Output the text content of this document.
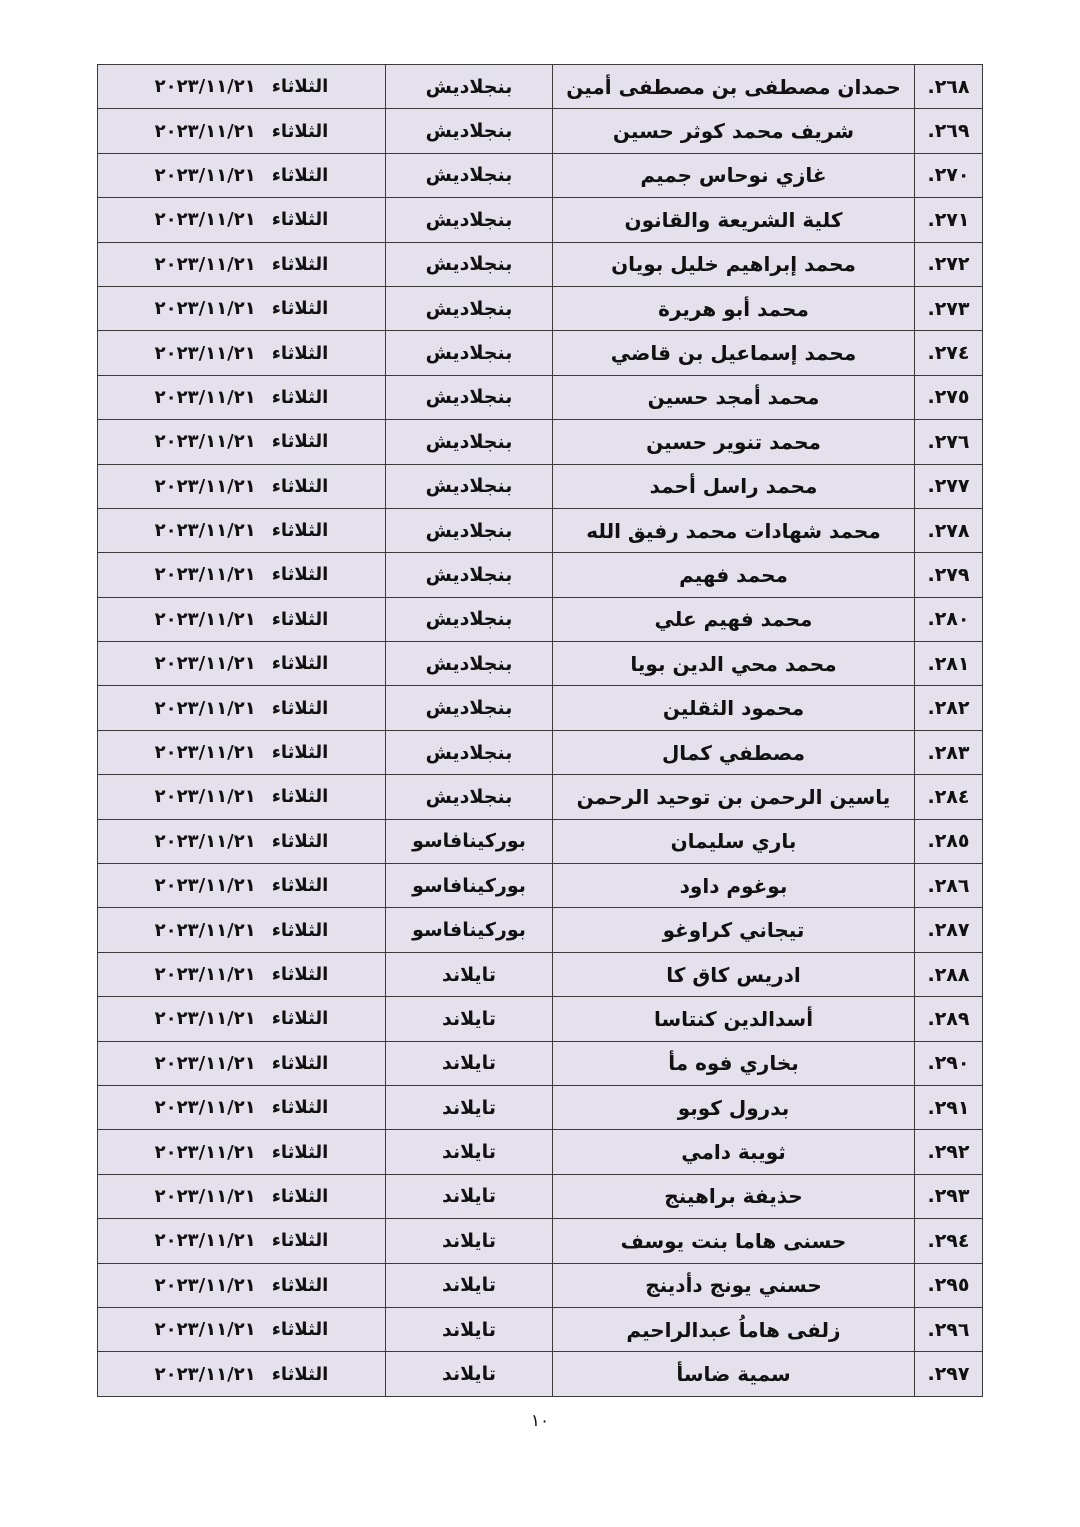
٢٦٨.	حمدان مصطفى بن مصطفى أمين	بنجلاديش	الثلاثاء٢٠٢٣/١١/٢١
٢٦٩.	شريف محمد كوثر حسين	بنجلاديش	الثلاثاء٢٠٢٣/١١/٢١
٢٧٠.	غازي نوحاس جميم	بنجلاديش	الثلاثاء٢٠٢٣/١١/٢١
٢٧١.	كلية الشريعة والقانون	بنجلاديش	الثلاثاء٢٠٢٣/١١/٢١
٢٧٢.	محمد إبراهيم خليل بويان	بنجلاديش	الثلاثاء٢٠٢٣/١١/٢١
٢٧٣.	محمد أبو هريرة	بنجلاديش	الثلاثاء٢٠٢٣/١١/٢١
٢٧٤.	محمد إسماعيل بن قاضي	بنجلاديش	الثلاثاء٢٠٢٣/١١/٢١
٢٧٥.	محمد أمجد حسين	بنجلاديش	الثلاثاء٢٠٢٣/١١/٢١
٢٧٦.	محمد تنوير حسين	بنجلاديش	الثلاثاء٢٠٢٣/١١/٢١
٢٧٧.	محمد راسل أحمد	بنجلاديش	الثلاثاء٢٠٢٣/١١/٢١
٢٧٨.	محمد شهادات محمد رفيق الله	بنجلاديش	الثلاثاء٢٠٢٣/١١/٢١
٢٧٩.	محمد فهيم	بنجلاديش	الثلاثاء٢٠٢٣/١١/٢١
٢٨٠.	محمد فهيم علي	بنجلاديش	الثلاثاء٢٠٢٣/١١/٢١
٢٨١.	محمد محي الدين بويا	بنجلاديش	الثلاثاء٢٠٢٣/١١/٢١
٢٨٢.	محمود الثقلين	بنجلاديش	الثلاثاء٢٠٢٣/١١/٢١
٢٨٣.	مصطفي كمال	بنجلاديش	الثلاثاء٢٠٢٣/١١/٢١
٢٨٤.	ياسين الرحمن بن توحيد الرحمن	بنجلاديش	الثلاثاء٢٠٢٣/١١/٢١
٢٨٥.	باري سليمان	بوركينافاسو	الثلاثاء٢٠٢٣/١١/٢١
٢٨٦.	بوغوم داود	بوركينافاسو	الثلاثاء٢٠٢٣/١١/٢١
٢٨٧.	تيجاني كراوغو	بوركينافاسو	الثلاثاء٢٠٢٣/١١/٢١
٢٨٨.	ادريس كاق كا	تايلاند	الثلاثاء٢٠٢٣/١١/٢١
٢٨٩.	أسدالدين كنتاسا	تايلاند	الثلاثاء٢٠٢٣/١١/٢١
٢٩٠.	بخاري فوه مأ	تايلاند	الثلاثاء٢٠٢٣/١١/٢١
٢٩١.	بدرول كوبو	تايلاند	الثلاثاء٢٠٢٣/١١/٢١
٢٩٢.	ثويبة دامي	تايلاند	الثلاثاء٢٠٢٣/١١/٢١
٢٩٣.	حذيفة براهينج	تايلاند	الثلاثاء٢٠٢٣/١١/٢١
٢٩٤.	حسنى هاما بنت يوسف	تايلاند	الثلاثاء٢٠٢٣/١١/٢١
٢٩٥.	حسني يونج دأدينج	تايلاند	الثلاثاء٢٠٢٣/١١/٢١
٢٩٦.	زلفى هاماُ عبدالراحيم	تايلاند	الثلاثاء٢٠٢٣/١١/٢١
٢٩٧.	سمية ضاسأ	تايلاند	الثلاثاء٢٠٢٣/١١/٢١
١٠
